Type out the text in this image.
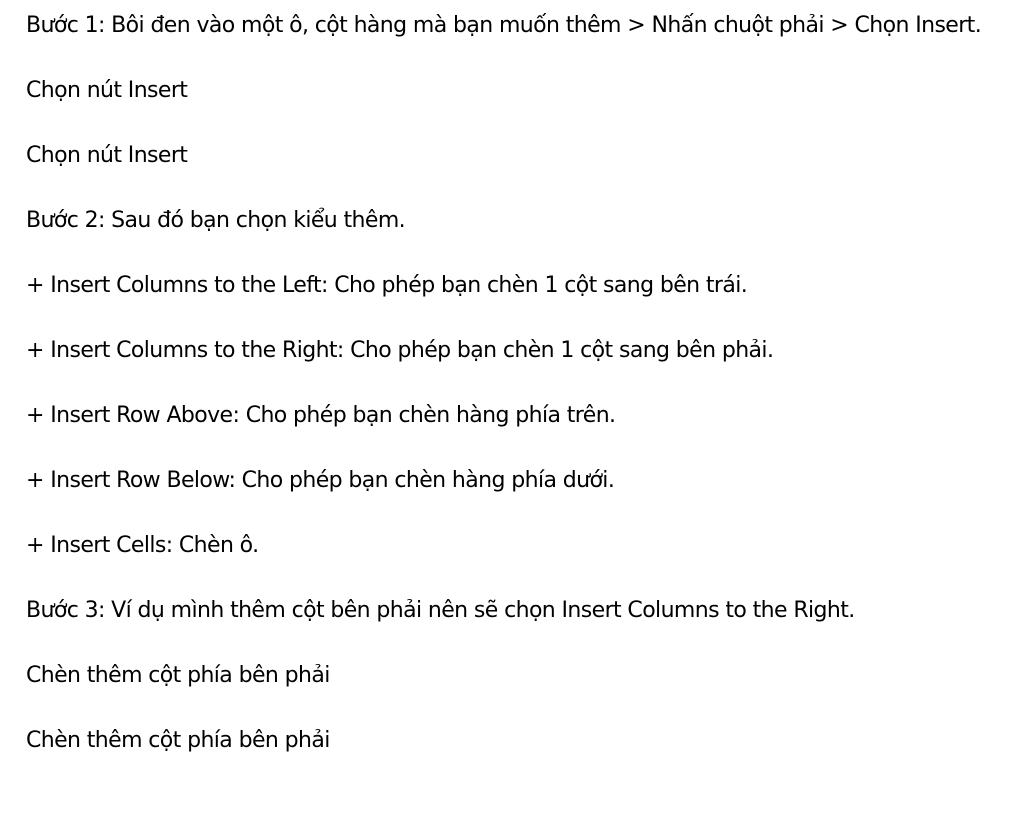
Bước 1: Bôi đen vào một ô, cột hàng mà bạn muốn thêm > Nhấn chuột phải > Chọn Insert.

Chọn nút Insert

Chọn nút Insert

Bước 2: Sau đó bạn chọn kiểu thêm.

+ Insert Columns to the Left: Cho phép bạn chèn 1 cột sang bên trái.

+ Insert Columns to the Right: Cho phép bạn chèn 1 cột sang bên phải.

+ Insert Row Above: Cho phép bạn chèn hàng phía trên.

+ Insert Row Below: Cho phép bạn chèn hàng phía dưới.

+ Insert Cells: Chèn ô.

Bước 3: Ví dụ mình thêm cột bên phải nên sẽ chọn Insert Columns to the Right.

Chèn thêm cột phía bên phải

Chèn thêm cột phía bên phải
